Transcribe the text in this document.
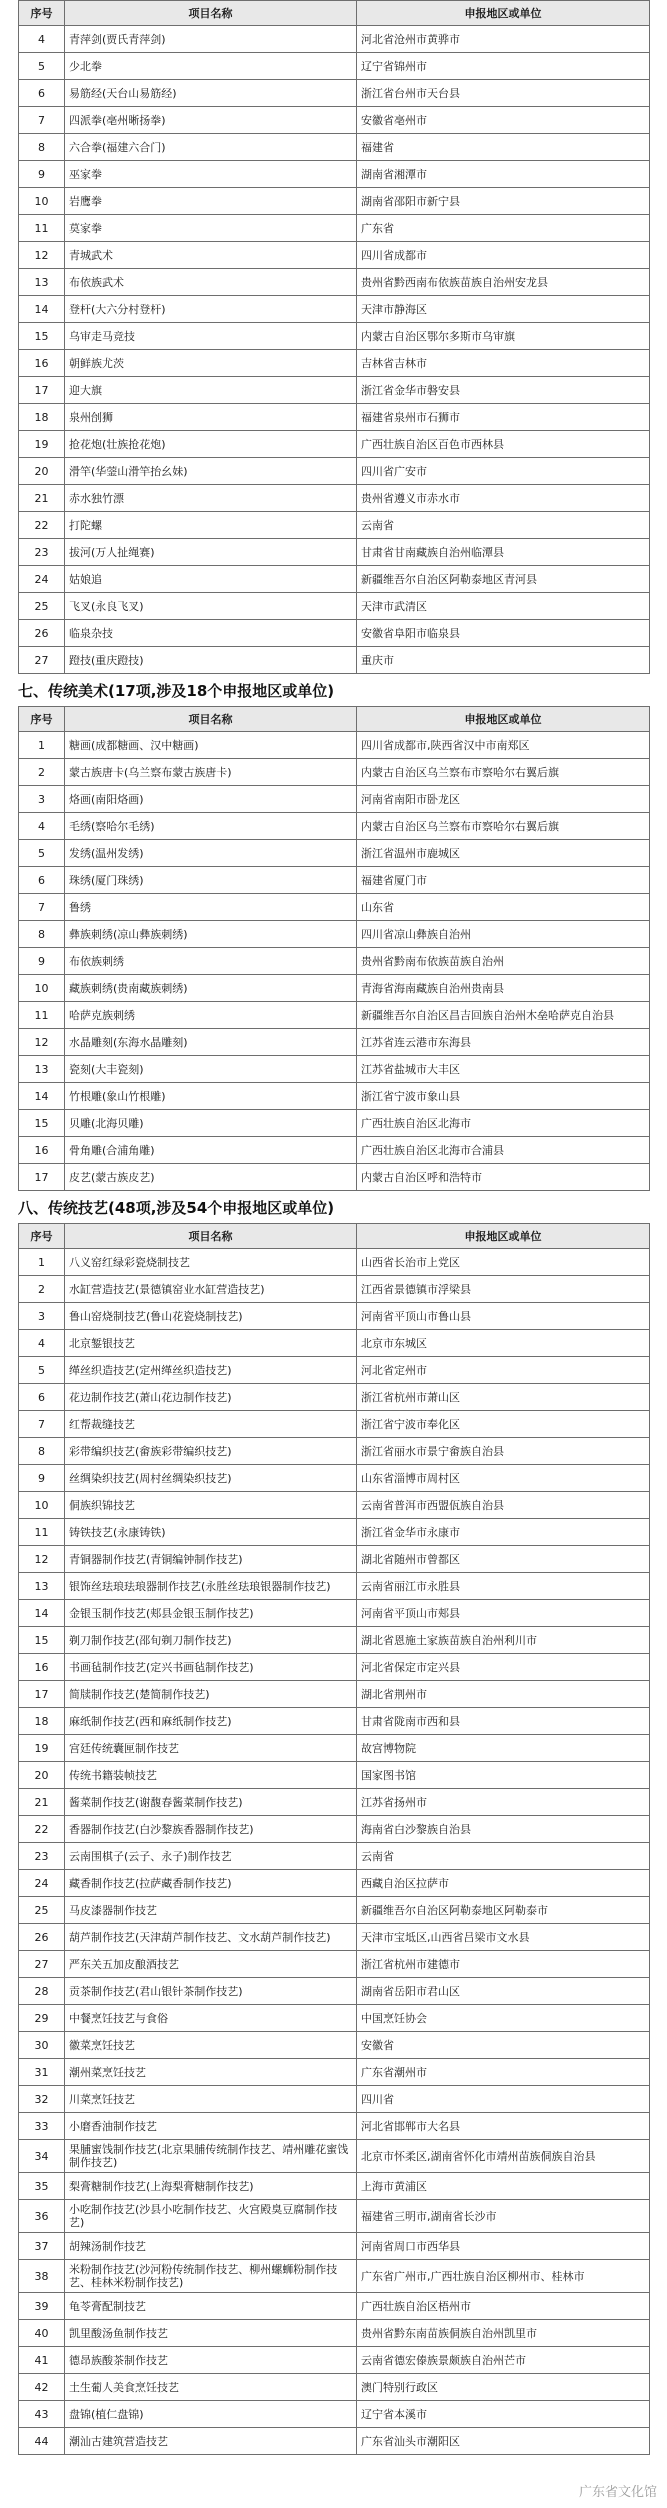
序号	项目名称	申报地区或单位
4	青萍剑(贾氏青萍剑)	河北省沧州市黄骅市
5	少北拳	辽宁省锦州市
6	易筋经(天台山易筋经)	浙江省台州市天台县
7	四派拳(亳州晰扬拳)	安徽省亳州市
8	六合拳(福建六合门)	福建省
9	巫家拳	湖南省湘潭市
10	岩鹰拳	湖南省邵阳市新宁县
11	莫家拳	广东省
12	青城武术	四川省成都市
13	布依族武术	贵州省黔西南布依族苗族自治州安龙县
14	登杆(大六分村登杆)	天津市静海区
15	乌审走马竞技	内蒙古自治区鄂尔多斯市乌审旗
16	朝鲜族尤茨	吉林省吉林市
17	迎大旗	浙江省金华市磐安县
18	泉州刣狮	福建省泉州市石狮市
19	抢花炮(壮族抢花炮)	广西壮族自治区百色市西林县
20	滑竿(华蓥山滑竿抬幺妹)	四川省广安市
21	赤水独竹漂	贵州省遵义市赤水市
22	打陀螺	云南省
23	拔河(万人扯绳赛)	甘肃省甘南藏族自治州临潭县
24	姑娘追	新疆维吾尔自治区阿勒泰地区青河县
25	飞叉(永良飞叉)	天津市武清区
26	临泉杂技	安徽省阜阳市临泉县
27	蹬技(重庆蹬技)	重庆市
七、传统美术(17项,涉及18个申报地区或单位)
序号	项目名称	申报地区或单位
1	糖画(成都糖画、汉中糖画)	四川省成都市,陕西省汉中市南郑区
2	蒙古族唐卡(乌兰察布蒙古族唐卡)	内蒙古自治区乌兰察布市察哈尔右翼后旗
3	烙画(南阳烙画)	河南省南阳市卧龙区
4	毛绣(察哈尔毛绣)	内蒙古自治区乌兰察布市察哈尔右翼后旗
5	发绣(温州发绣)	浙江省温州市鹿城区
6	珠绣(厦门珠绣)	福建省厦门市
7	鲁绣	山东省
8	彝族刺绣(凉山彝族刺绣)	四川省凉山彝族自治州
9	布依族刺绣	贵州省黔南布依族苗族自治州
10	藏族刺绣(贵南藏族刺绣)	青海省海南藏族自治州贵南县
11	哈萨克族刺绣	新疆维吾尔自治区昌吉回族自治州木垒哈萨克自治县
12	水晶雕刻(东海水晶雕刻)	江苏省连云港市东海县
13	瓷刻(大丰瓷刻)	江苏省盐城市大丰区
14	竹根雕(象山竹根雕)	浙江省宁波市象山县
15	贝雕(北海贝雕)	广西壮族自治区北海市
16	骨角雕(合浦角雕)	广西壮族自治区北海市合浦县
17	皮艺(蒙古族皮艺)	内蒙古自治区呼和浩特市
八、传统技艺(48项,涉及54个申报地区或单位)
序号	项目名称	申报地区或单位
1	八义窑红绿彩瓷烧制技艺	山西省长治市上党区
2	水缸营造技艺(景德镇窑业水缸营造技艺)	江西省景德镇市浮梁县
3	鲁山窑烧制技艺(鲁山花瓷烧制技艺)	河南省平顶山市鲁山县
4	北京錾银技艺	北京市东城区
5	缂丝织造技艺(定州缂丝织造技艺)	河北省定州市
6	花边制作技艺(萧山花边制作技艺)	浙江省杭州市萧山区
7	红帮裁缝技艺	浙江省宁波市奉化区
8	彩带编织技艺(畲族彩带编织技艺)	浙江省丽水市景宁畲族自治县
9	丝绸染织技艺(周村丝绸染织技艺)	山东省淄博市周村区
10	侗族织锦技艺	云南省普洱市西盟佤族自治县
11	铸铁技艺(永康铸铁)	浙江省金华市永康市
12	青铜器制作技艺(青铜编钟制作技艺)	湖北省随州市曾都区
13	银饰丝珐琅珐琅器制作技艺(永胜丝珐琅银器制作技艺)	云南省丽江市永胜县
14	金银玉制作技艺(郏县金银玉制作技艺)	河南省平顶山市郏县
15	剃刀制作技艺(邵旬剃刀制作技艺)	湖北省恩施土家族苗族自治州利川市
16	书画毡制作技艺(定兴书画毡制作技艺)	河北省保定市定兴县
17	简牍制作技艺(楚简制作技艺)	湖北省荆州市
18	麻纸制作技艺(西和麻纸制作技艺)	甘肃省陇南市西和县
19	宫廷传统囊匣制作技艺	故宫博物院
20	传统书籍装帧技艺	国家图书馆
21	酱菜制作技艺(谢馥春酱菜制作技艺)	江苏省扬州市
22	香器制作技艺(白沙黎族香器制作技艺)	海南省白沙黎族自治县
23	云南围棋子(云子、永子)制作技艺	云南省
24	藏香制作技艺(拉萨藏香制作技艺)	西藏自治区拉萨市
25	马皮漆器制作技艺	新疆维吾尔自治区阿勒泰地区阿勒泰市
26	葫芦制作技艺(天津葫芦制作技艺、文水葫芦制作技艺)	天津市宝坻区,山西省吕梁市文水县
27	严东关五加皮酿酒技艺	浙江省杭州市建德市
28	贡茶制作技艺(君山银针茶制作技艺)	湖南省岳阳市君山区
29	中餐烹饪技艺与食俗	中国烹饪协会
30	徽菜烹饪技艺	安徽省
31	潮州菜烹饪技艺	广东省潮州市
32	川菜烹饪技艺	四川省
33	小磨香油制作技艺	河北省邯郸市大名县
34	果脯蜜饯制作技艺(北京果脯传统制作技艺、靖州雕花蜜饯制作技艺)	北京市怀柔区,湖南省怀化市靖州苗族侗族自治县
35	梨膏糖制作技艺(上海梨膏糖制作技艺)	上海市黄浦区
36	小吃制作技艺(沙县小吃制作技艺、火宫殿臭豆腐制作技艺)	福建省三明市,湖南省长沙市
37	胡辣汤制作技艺	河南省周口市西华县
38	米粉制作技艺(沙河粉传统制作技艺、柳州螺蛳粉制作技艺、桂林米粉制作技艺)	广东省广州市,广西壮族自治区柳州市、桂林市
39	龟苓膏配制技艺	广西壮族自治区梧州市
40	凯里酸汤鱼制作技艺	贵州省黔东南苗族侗族自治州凯里市
41	德昂族酸茶制作技艺	云南省德宏傣族景颇族自治州芒市
42	土生葡人美食烹饪技艺	澳门特别行政区
43	盘锦(植仁盘锦)	辽宁省本溪市
44	潮汕古建筑营造技艺	广东省汕头市潮阳区
广东省文化馆
